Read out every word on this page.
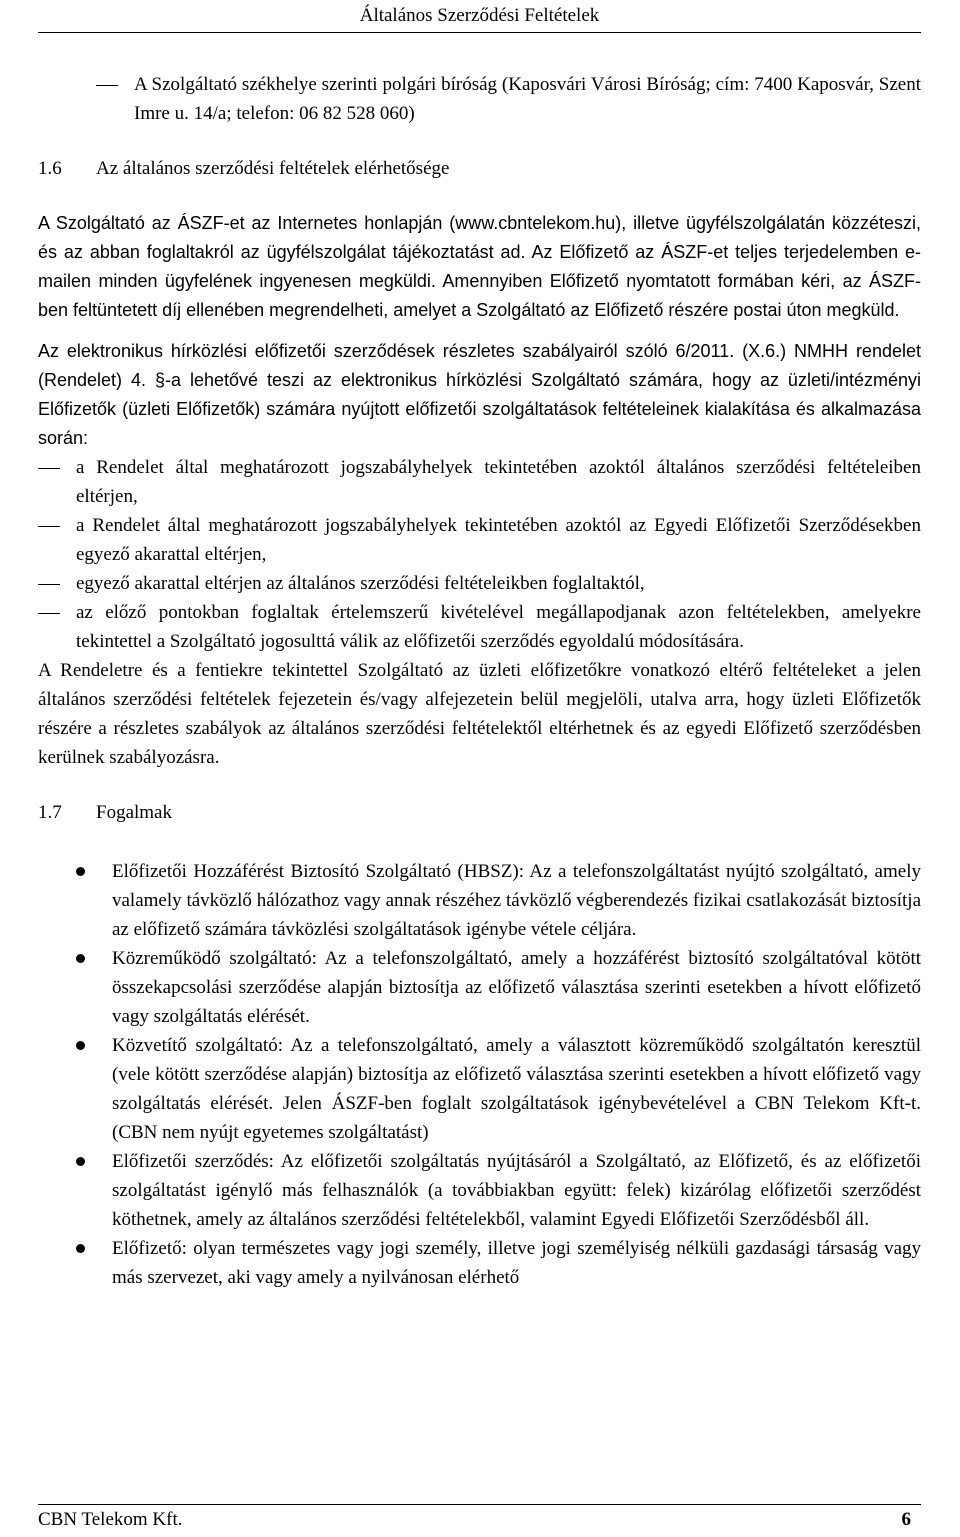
Általános Szerződési Feltételek

A Szolgáltató székhelye szerinti polgári bíróság (Kaposvári Városi Bíróság; cím: 7400 Kaposvár, Szent Imre u. 14/a; telefon: 06 82 528 060)

1.6	Az általános szerződési feltételek elérhetősége

A Szolgáltató az ÁSZF-et az Internetes honlapján (www.cbntelekom.hu), illetve ügyfélszolgálatán közzéteszi, és az abban foglaltakról az ügyfélszolgálat tájékoztatást ad. Az Előfizető az ÁSZF-et teljes terjedelemben e-mailen minden ügyfelének ingyenesen megküldi. Amennyiben Előfizető nyomtatott formában kéri, az ÁSZF-ben feltüntetett díj ellenében megrendelheti, amelyet a Szolgáltató az Előfizető részére postai úton megküld.

Az elektronikus hírközlési előfizetői szerződések részletes szabályairól szóló 6/2011. (X.6.) NMHH rendelet (Rendelet) 4. §-a lehetővé teszi az elektronikus hírközlési Szolgáltató számára, hogy az üzleti/intézményi Előfizetők (üzleti Előfizetők) számára nyújtott előfizetői szolgáltatások feltételeinek kialakítása és alkalmazása során:

a Rendelet által meghatározott jogszabályhelyek tekintetében azoktól általános szerződési feltételeiben eltérjen,

a Rendelet által meghatározott jogszabályhelyek tekintetében azoktól az Egyedi Előfizetői Szerződésekben egyező akarattal eltérjen,

egyező akarattal eltérjen az általános szerződési feltételeikben foglaltaktól,

az előző pontokban foglaltak értelemszerű kivételével megállapodjanak azon feltételekben, amelyekre tekintettel a Szolgáltató jogosulttá válik az előfizetői szerződés egyoldalú módosítására.

A Rendeletre és a fentiekre tekintettel Szolgáltató az üzleti előfizetőkre vonatkozó eltérő feltételeket a jelen általános szerződési feltételek fejezetein és/vagy alfejezetein belül megjelöli, utalva arra, hogy üzleti Előfizetők részére a részletes szabályok az általános szerződési feltételektől eltérhetnek és az egyedi Előfizető szerződésben kerülnek szabályozásra.

1.7	Fogalmak

Előfizetői Hozzáférést Biztosító Szolgáltató (HBSZ): Az a telefonszolgáltatást nyújtó szolgáltató, amely valamely távközlő hálózathoz vagy annak részéhez távközlő végberendezés fizikai csatlakozását biztosítja az előfizető számára távközlési szolgáltatások igénybe vétele céljára.

Közreműködő szolgáltató: Az a telefonszolgáltató, amely a hozzáférést biztosító szolgáltatóval kötött összekapcsolási szerződése alapján biztosítja az előfizető választása szerinti esetekben a hívott előfizető vagy szolgáltatás elérését.

Közvetítő szolgáltató: Az a telefonszolgáltató, amely a választott közreműködő szolgáltatón keresztül (vele kötött szerződése alapján) biztosítja az előfizető választása szerinti esetekben a hívott előfizető vagy szolgáltatás elérését. Jelen ÁSZF-ben foglalt szolgáltatások igénybevételével a CBN Telekom Kft-t. (CBN nem nyújt egyetemes szolgáltatást)

Előfizetői szerződés: Az előfizetői szolgáltatás nyújtásáról a Szolgáltató, az Előfizető, és az előfizetői szolgáltatást igénylő más felhasználók (a továbbiakban együtt: felek) kizárólag előfizetői szerződést köthetnek, amely az általános szerződési feltételekből, valamint Egyedi Előfizetői Szerződésből áll.

Előfizető: olyan természetes vagy jogi személy, illetve jogi személyiség nélküli gazdasági társaság vagy más szervezet, aki vagy amely a nyilvánosan elérhető

CBN Telekom Kft.	6
